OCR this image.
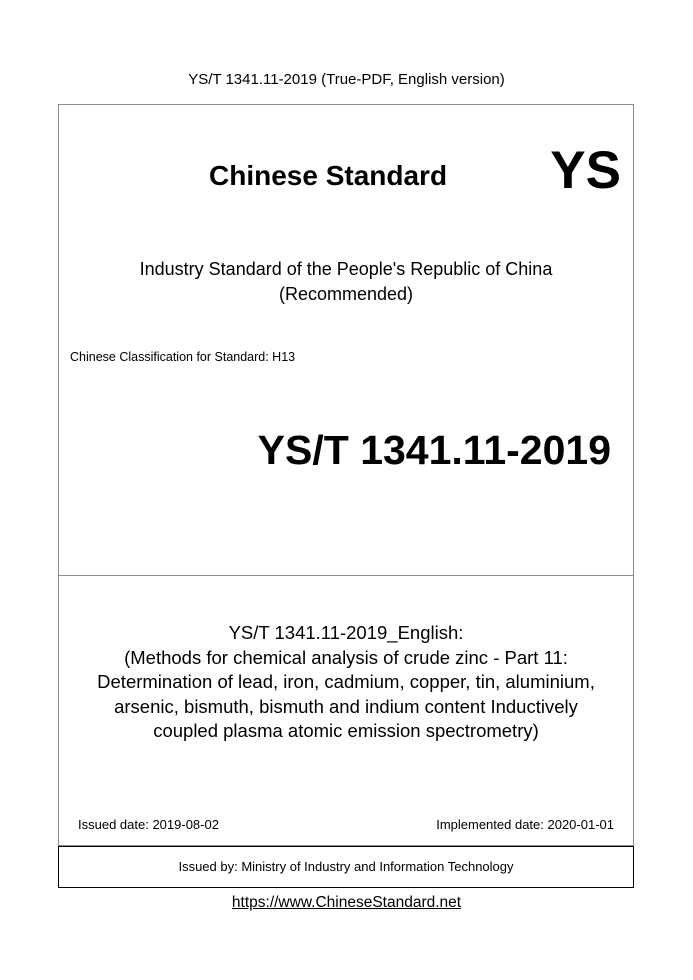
YS/T 1341.11-2019 (True-PDF, English version)
Chinese Standard YS
Industry Standard of the People's Republic of China
(Recommended)
Chinese Classification for Standard: H13
YS/T 1341.11-2019
YS/T 1341.11-2019_English:
(Methods for chemical analysis of crude zinc - Part 11:
Determination of lead, iron, cadmium, copper, tin, aluminium,
arsenic, bismuth, bismuth and indium content Inductively
coupled plasma atomic emission spectrometry)
Issued date: 2019-08-02	Implemented date: 2020-01-01
Issued by: Ministry of Industry and Information Technology
https://www.ChineseStandard.net
